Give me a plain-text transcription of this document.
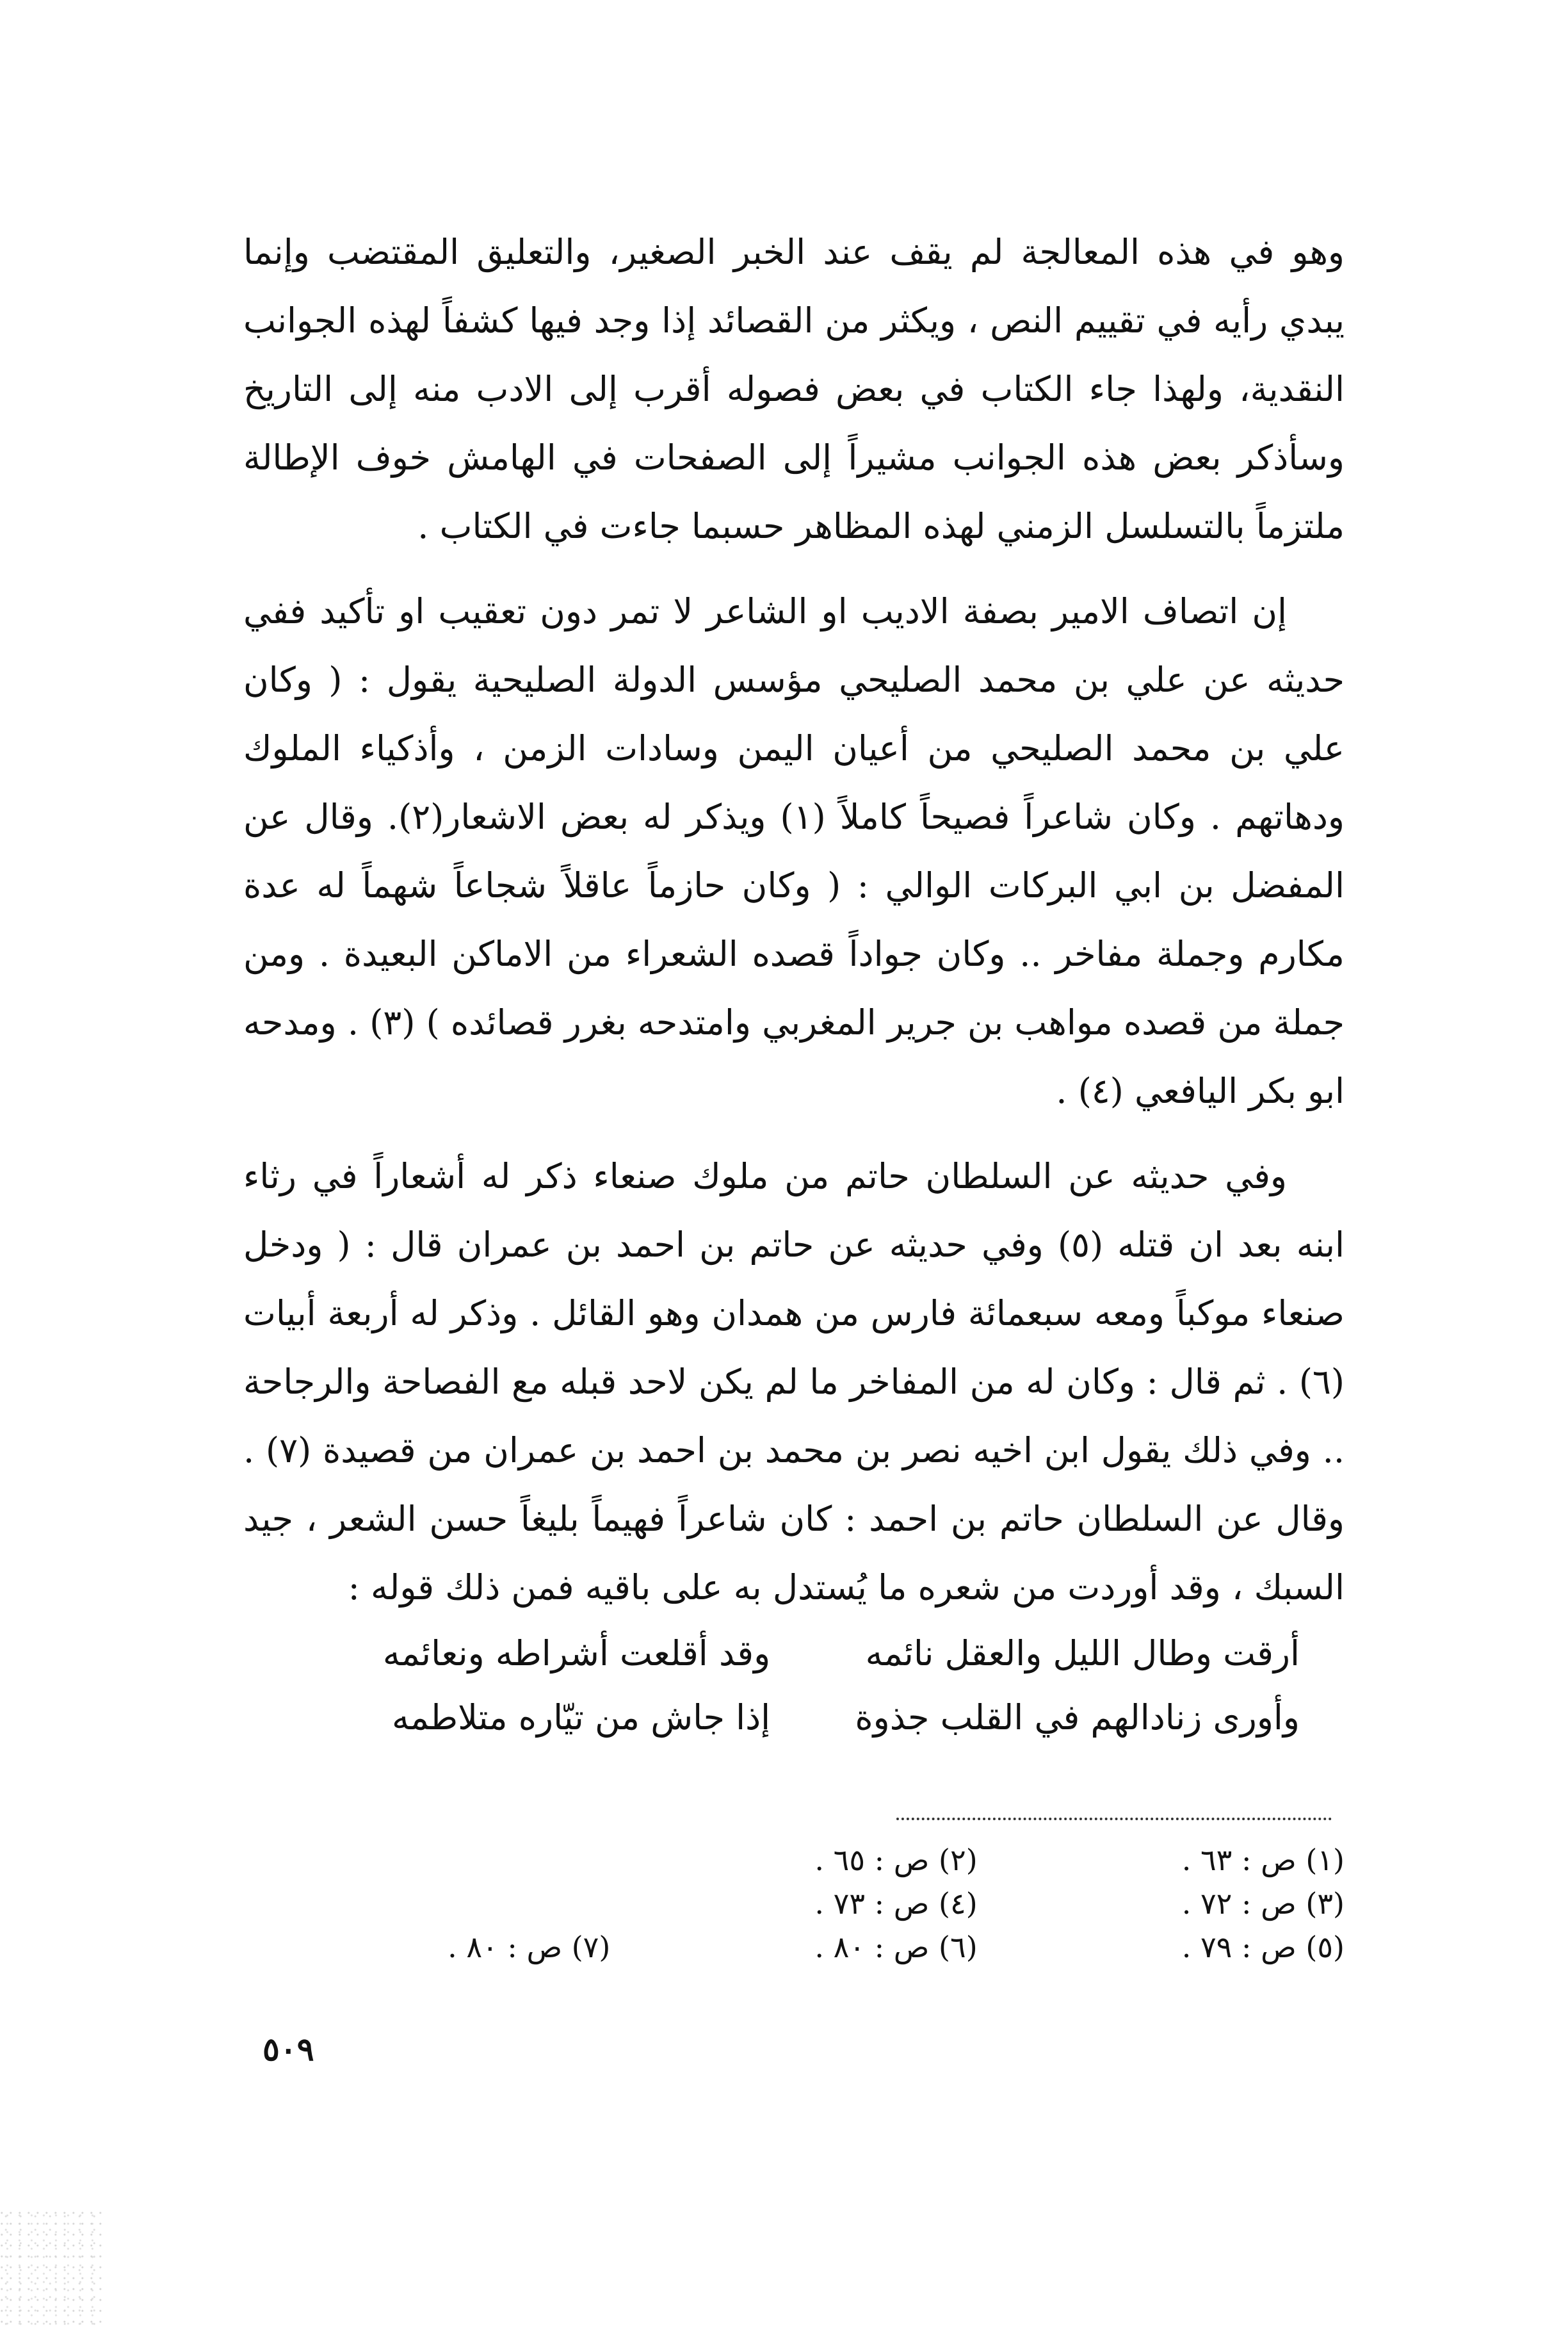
وهو في هذه المعالجة لم يقف عند الخبر الصغير، والتعليق المقتضب وإنما يبدي رأيه في تقييم النص ، ويكثر من القصائد إذا وجد فيها كشفاً لهذه الجوانب النقدية، ولهذا جاء الكتاب في بعض فصوله أقرب إلى الادب منه إلى التاريخ وسأذكر بعض هذه الجوانب مشيراً إلى الصفحات في الهامش خوف الإطالة ملتزماً بالتسلسل الزمني لهذه المظاهر حسبما جاءت في الكتاب .

إن اتصاف الامير بصفة الاديب او الشاعر لا تمر دون تعقيب او تأكيد ففي حديثه عن علي بن محمد الصليحي مؤسس الدولة الصليحية يقول : ( وكان علي بن محمد الصليحي من أعيان اليمن وسادات الزمن ، وأذكياء الملوك ودهاتهم . وكان شاعراً فصيحاً كاملاً (١) ويذكر له بعض الاشعار(٢). وقال عن المفضل بن ابي البركات الوالي : ( وكان حازماً عاقلاً شجاعاً شهماً له عدة مكارم وجملة مفاخر .. وكان جواداً قصده الشعراء من الاماكن البعيدة . ومن جملة من قصده مواهب بن جرير المغربي وامتدحه بغرر قصائده ) (٣) . ومدحه ابو بكر اليافعي (٤) .

وفي حديثه عن السلطان حاتم من ملوك صنعاء ذكر له أشعاراً في رثاء ابنه بعد ان قتله (٥) وفي حديثه عن حاتم بن احمد بن عمران قال : ( ودخل صنعاء موكباً ومعه سبعمائة فارس من همدان وهو القائل . وذكر له أربعة أبيات (٦) . ثم قال : وكان له من المفاخر ما لم يكن لاحد قبله مع الفصاحة والرجاحة .. وفي ذلك يقول ابن اخيه نصر بن محمد بن احمد بن عمران من قصيدة (٧) . وقال عن السلطان حاتم بن احمد : كان شاعراً فهيماً بليغاً حسن الشعر ، جيد السبك ، وقد أوردت من شعره ما يُستدل به على باقيه فمن ذلك قوله :

أرقت وطال الليل والعقل نائمه
وقد أقلعت أشراطه ونعائمه
وأورى زنادالهم في القلب جذوة
إذا جاش من تيّاره متلاطمه
(١) ص : ٦٣ .
(٢) ص : ٦٥ .
(٣) ص : ٧٢ .
(٤) ص : ٧٣ .
(٥) ص : ٧٩ .
(٦) ص : ٨٠ .
(٧) ص : ٨٠ .
٥٠٩
